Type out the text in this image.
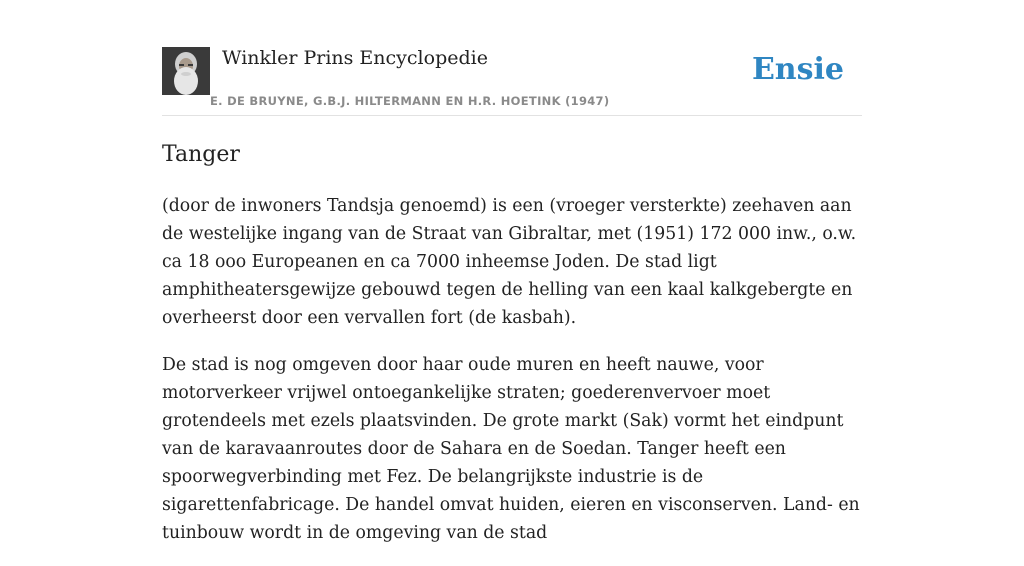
Winkler Prins Encyclopedie
E. DE BRUYNE, G.B.J. HILTERMANN EN H.R. HOETINK (1947)
Ensie
Tanger

(door de inwoners Tandsja genoemd) is een (vroeger versterkte) zeehaven aan de westelijke ingang van de Straat van Gibraltar, met (1951) 172 000 inw., o.w. ca 18 ooo Europeanen en ca 7000 inheemse Joden. De stad ligt amphitheatersgewijze gebouwd tegen de helling van een kaal kalkgebergte en overheerst door een vervallen fort (de kasbah).

De stad is nog omgeven door haar oude muren en heeft nauwe, voor motorverkeer vrijwel ontoegankelijke straten; goederenvervoer moet grotendeels met ezels plaatsvinden. De grote markt (Sak) vormt het eindpunt van de karavaanroutes door de Sahara en de Soedan. Tanger heeft een spoorwegverbinding met Fez. De belangrijkste industrie is de sigarettenfabricage. De handel omvat huiden, eieren en visconserven. Land- en tuinbouw wordt in de omgeving van de stad
